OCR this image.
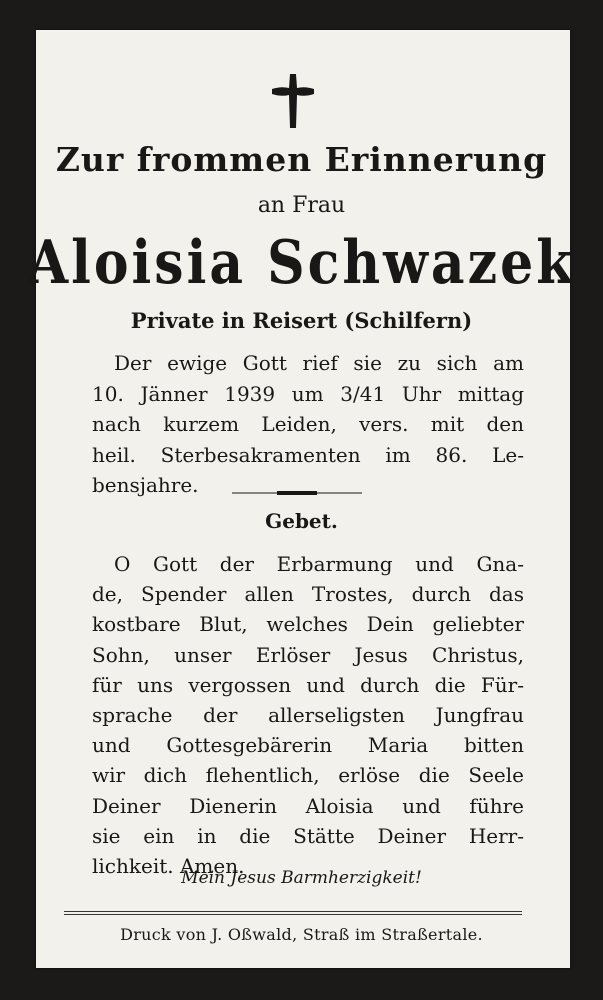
Zur frommen Erinnerung
an Frau
Aloisia Schwazek
Private in Reisert (Schilfern)
Der ewige Gott rief sie zu sich am
10. Jänner 1939 um 3/41 Uhr mittag
nach kurzem Leiden, vers. mit den
heil. Sterbesakramenten im 86. Le-
bensjahre.
Gebet.
O Gott der Erbarmung und Gna-
de, Spender allen Trostes, durch das
kostbare Blut, welches Dein geliebter
Sohn, unser Erlöser Jesus Christus,
für uns vergossen und durch die Für-
sprache der allerseligsten Jungfrau
und Gottesgebärerin Maria bitten
wir dich flehentlich, erlöse die Seele
Deiner Dienerin Aloisia und führe
sie ein in die Stätte Deiner Herr-
lichkeit. Amen.
Mein Jesus Barmherzigkeit!
Druck von J. Oßwald, Straß im Straßertale.
